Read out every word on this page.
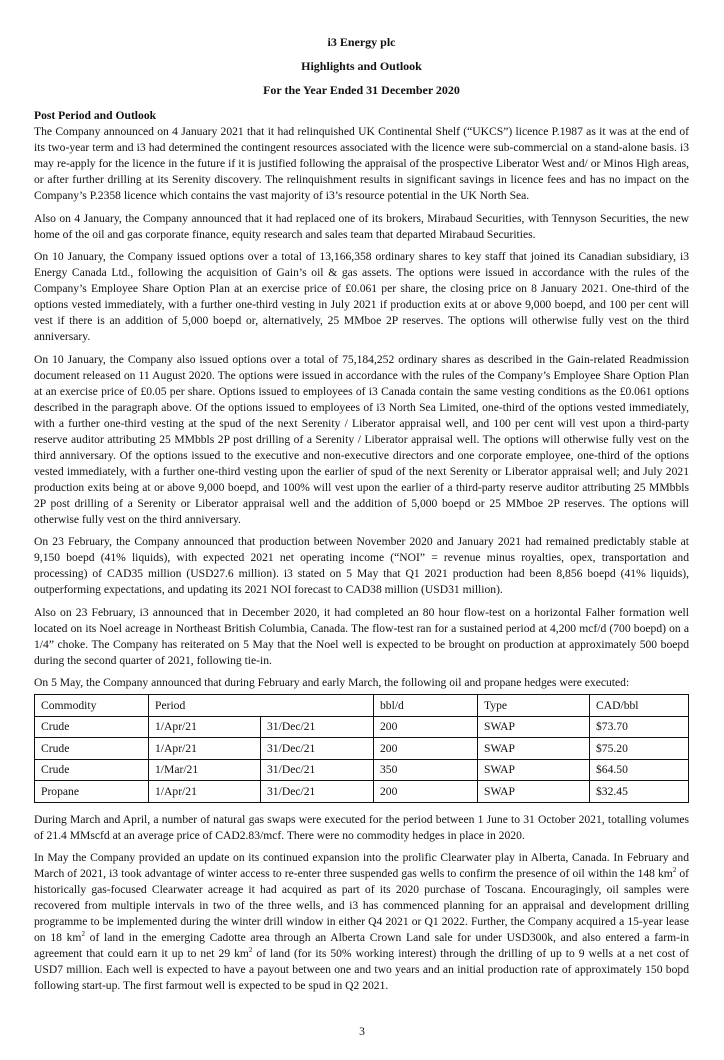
i3 Energy plc
Highlights and Outlook
For the Year Ended 31 December 2020
Post Period and Outlook

The Company announced on 4 January 2021 that it had relinquished UK Continental Shelf (“UKCS”) licence P.1987 as it was at the end of its two-year term and i3 had determined the contingent resources associated with the licence were sub-commercial on a stand-alone basis. i3 may re-apply for the licence in the future if it is justified following the appraisal of the prospective Liberator West and/ or Minos High areas, or after further drilling at its Serenity discovery. The relinquishment results in significant savings in licence fees and has no impact on the Company’s P.2358 licence which contains the vast majority of i3’s resource potential in the UK North Sea.

Also on 4 January, the Company announced that it had replaced one of its brokers, Mirabaud Securities, with Tennyson Securities, the new home of the oil and gas corporate finance, equity research and sales team that departed Mirabaud Securities.

On 10 January, the Company issued options over a total of 13,166,358 ordinary shares to key staff that joined its Canadian subsidiary, i3 Energy Canada Ltd., following the acquisition of Gain’s oil & gas assets. The options were issued in accordance with the rules of the Company’s Employee Share Option Plan at an exercise price of £0.061 per share, the closing price on 8 January 2021. One-third of the options vested immediately, with a further one-third vesting in July 2021 if production exits at or above 9,000 boepd, and 100 per cent will vest if there is an addition of 5,000 boepd or, alternatively, 25 MMboe 2P reserves. The options will otherwise fully vest on the third anniversary.

On 10 January, the Company also issued options over a total of 75,184,252 ordinary shares as described in the Gain-related Readmission document released on 11 August 2020. The options were issued in accordance with the rules of the Company’s Employee Share Option Plan at an exercise price of £0.05 per share. Options issued to employees of i3 Canada contain the same vesting conditions as the £0.061 options described in the paragraph above. Of the options issued to employees of i3 North Sea Limited, one-third of the options vested immediately, with a further one-third vesting at the spud of the next Serenity / Liberator appraisal well, and 100 per cent will vest upon a third-party reserve auditor attributing 25 MMbbls 2P post drilling of a Serenity / Liberator appraisal well. The options will otherwise fully vest on the third anniversary. Of the options issued to the executive and non-executive directors and one corporate employee, one-third of the options vested immediately, with a further one-third vesting upon the earlier of spud of the next Serenity or Liberator appraisal well; and July 2021 production exits being at or above 9,000 boepd, and 100% will vest upon the earlier of a third-party reserve auditor attributing 25 MMbbls 2P post drilling of a Serenity or Liberator appraisal well and the addition of 5,000 boepd or 25 MMboe 2P reserves. The options will otherwise fully vest on the third anniversary.

On 23 February, the Company announced that production between November 2020 and January 2021 had remained predictably stable at 9,150 boepd (41% liquids), with expected 2021 net operating income (“NOI” = revenue minus royalties, opex, transportation and processing) of CAD35 million (USD27.6 million). i3 stated on 5 May that Q1 2021 production had been 8,856 boepd (41% liquids), outperforming expectations, and updating its 2021 NOI forecast to CAD38 million (USD31 million).

Also on 23 February, i3 announced that in December 2020, it had completed an 80 hour flow-test on a horizontal Falher formation well located on its Noel acreage in Northeast British Columbia, Canada. The flow-test ran for a sustained period at 4,200 mcf/d (700 boepd) on a 1/4” choke. The Company has reiterated on 5 May that the Noel well is expected to be brought on production at approximately 500 boepd during the second quarter of 2021, following tie-in.

On 5 May, the Company announced that during February and early March, the following oil and propane hedges were executed:

Commodity	Period		bbl/d	Type	CAD/bbl
Crude	1/Apr/21	31/Dec/21	200	SWAP	$73.70
Crude	1/Apr/21	31/Dec/21	200	SWAP	$75.20
Crude	1/Mar/21	31/Dec/21	350	SWAP	$64.50
Propane	1/Apr/21	31/Dec/21	200	SWAP	$32.45

During March and April, a number of natural gas swaps were executed for the period between 1 June to 31 October 2021, totalling volumes of 21.4 MMscfd at an average price of CAD2.83/mcf. There were no commodity hedges in place in 2020.

In May the Company provided an update on its continued expansion into the prolific Clearwater play in Alberta, Canada. In February and March of 2021, i3 took advantage of winter access to re-enter three suspended gas wells to confirm the presence of oil within the 148 $km^2$ of historically gas-focused Clearwater acreage it had acquired as part of its 2020 purchase of Toscana. Encouragingly, oil samples were recovered from multiple intervals in two of the three wells, and i3 has commenced planning for an appraisal and development drilling programme to be implemented during the winter drill window in either Q4 2021 or Q1 2022. Further, the Company acquired a 15-year lease on 18 $km^2$ of land in the emerging Cadotte area through an Alberta Crown Land sale for under USD300k, and also entered a farm-in agreement that could earn it up to net 29 $km^2$ of land (for its 50% working interest) through the drilling of up to 9 wells at a net cost of USD7 million. Each well is expected to have a payout between one and two years and an initial production rate of approximately 150 bopd following start-up. The first farmout well is expected to be spud in Q2 2021.

3
